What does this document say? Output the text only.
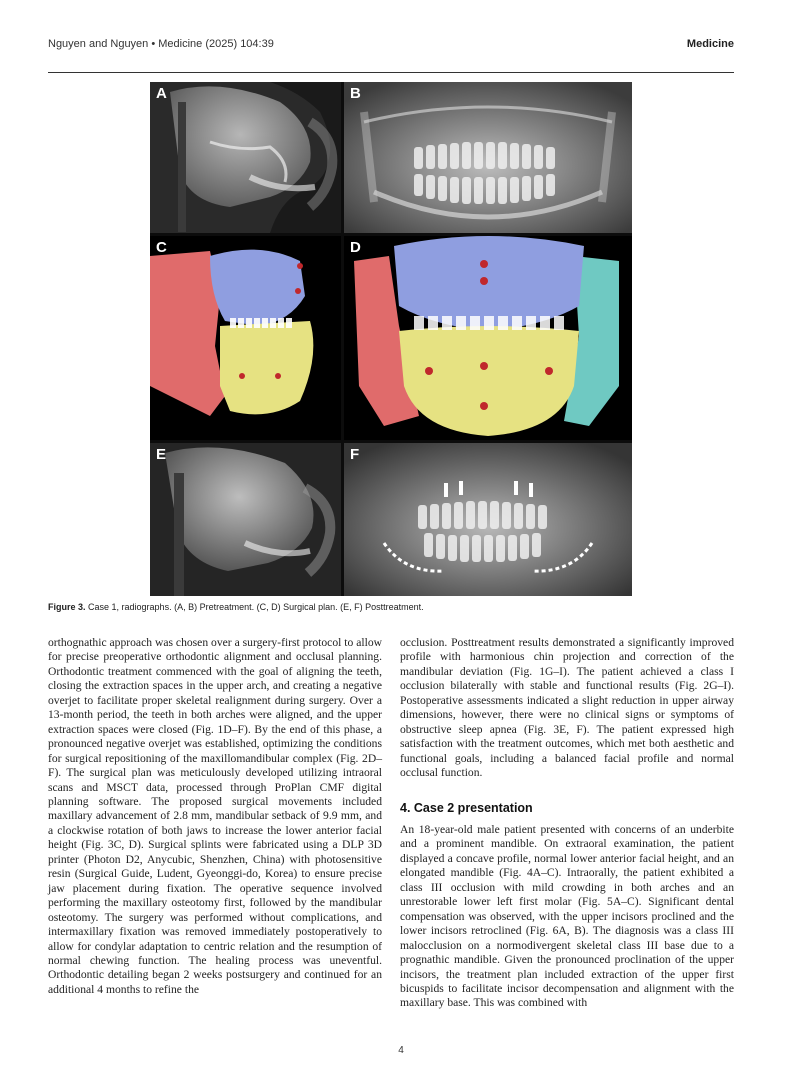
Nguyen and Nguyen • Medicine (2025) 104:39	Medicine
A	B
C	D
E	F
Figure 3. Case 1, radiographs. (A, B) Pretreatment. (C, D) Surgical plan. (E, F) Posttreatment.

orthognathic approach was chosen over a surgery-first protocol to allow for precise preoperative orthodontic alignment and occlusal planning. Orthodontic treatment commenced with the goal of aligning the teeth, closing the extraction spaces in the upper arch, and creating a negative overjet to facilitate proper skeletal realignment during surgery. Over a 13-month period, the teeth in both arches were aligned, and the upper extraction spaces were closed (Fig. 1D–F). By the end of this phase, a pronounced negative overjet was established, optimizing the conditions for surgical repositioning of the maxillomandibular complex (Fig. 2D–F). The surgical plan was meticulously developed utilizing intraoral scans and MSCT data, processed through ProPlan CMF digital planning software. The proposed surgical movements included maxillary advancement of 2.8 mm, mandibular setback of 9.9 mm, and a clockwise rotation of both jaws to increase the lower anterior facial height (Fig. 3C, D). Surgical splints were fabricated using a DLP 3D printer (Photon D2, Anycubic, Shenzhen, China) with photosensitive resin (Surgical Guide, Ludent, Gyeonggi-do, Korea) to ensure precise jaw placement during fixation. The operative sequence involved performing the maxillary osteotomy first, followed by the mandibular osteotomy. The surgery was performed without complications, and intermaxillary fixation was removed immediately postoperatively to allow for condylar adaptation to centric relation and the resumption of normal chewing function. The healing process was uneventful. Orthodontic detailing began 2 weeks postsurgery and continued for an additional 4 months to refine the

occlusion. Posttreatment results demonstrated a significantly improved profile with harmonious chin projection and correction of the mandibular deviation (Fig. 1G–I). The patient achieved a class I occlusion bilaterally with stable and functional results (Fig. 2G–I). Postoperative assessments indicated a slight reduction in upper airway dimensions, however, there were no clinical signs or symptoms of obstructive sleep apnea (Fig. 3E, F). The patient expressed high satisfaction with the treatment outcomes, which met both aesthetic and functional goals, including a balanced facial profile and normal occlusal function.

4. Case 2 presentation

An 18-year-old male patient presented with concerns of an underbite and a prominent mandible. On extraoral examination, the patient displayed a concave profile, normal lower anterior facial height, and an elongated mandible (Fig. 4A–C). Intraorally, the patient exhibited a class III occlusion with mild crowding in both arches and an unrestorable lower left first molar (Fig. 5A–C). Significant dental compensation was observed, with the upper incisors proclined and the lower incisors retroclined (Fig. 6A, B). The diagnosis was a class III malocclusion on a normodivergent skeletal class III base due to a prognathic mandible. Given the pronounced proclination of the upper incisors, the treatment plan included extraction of the upper first bicuspids to facilitate incisor decompensation and alignment with the maxillary base. This was combined with

4
